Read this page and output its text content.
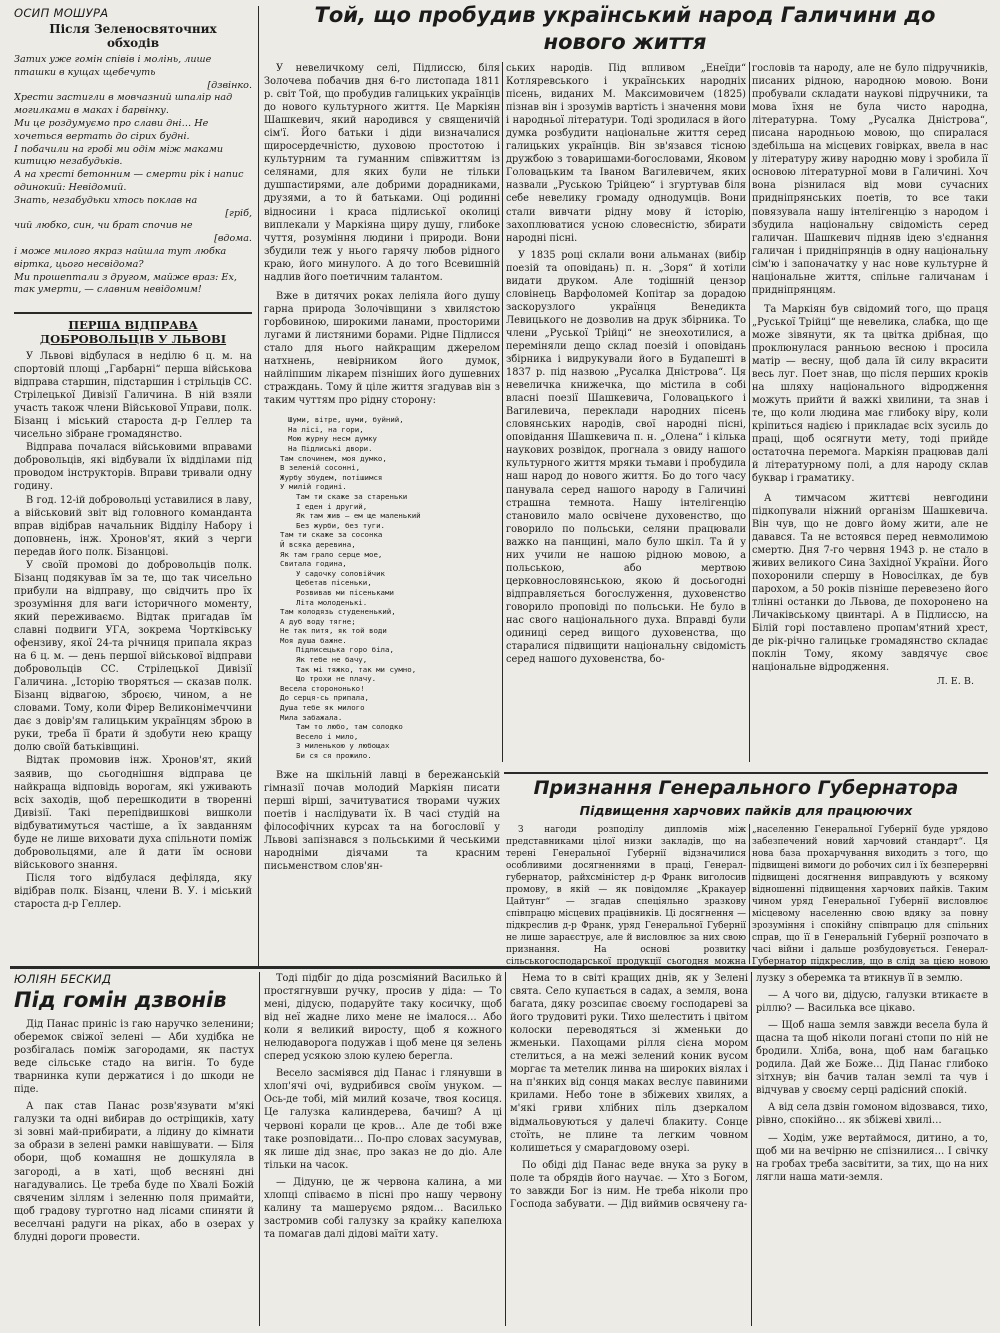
ОСИП МОШУРА
Після Зеленосвяточних обходів

Затих уже гомін співів і молінь, лише пташки в кущах щебечуть

[дзвінко.

Хрести застигли в мовчазний шпалір над могилками в маках і барвінку.

Ми це роздумуємо про слави дні… Не хочеться вертать до сірих будні.

І побачили на гробі ми одім між маками китицю незабудьків.

А на хресті бетонним — смерти рік і напис одинокий: Невідомий.

Знать, незабудьки хтось поклав на

[гріб,

чий любко, син, чи брат спочив не

[вдома.

і може милого якраз найшла тут любка віртка, цього несвідома?

Ми прошептали з другом, майже враз: Ех, так умерти, — славним невідомим!

ПЕРША ВІДПРАВА ДОБРОВОЛЬЦІВ У ЛЬВОВІ

У Львові відбулася в неділю 6 ц. м. на спортовій площі „Гарбарні“ перша військова відправа старшин, підстаршин і стрільців СС. Стрілецької Дивізії Галичина. В ній взяли участь також члени Військової Управи, полк. Бізанц і міський староста д-р Геллер та чисельно зібране громадянство.

Відправа почалася військовими вправами добровольців, які відбували їх відділами під проводом інструкторів. Вправи тривали одну годину.

В год. 12-ій добровольці уставилися в лаву, а військовий звіт від головного команданта вправ відібрав начальник Відділу Набору і доповнень, інж. Хронов'ят, який з черги передав його полк. Бізанцові.

У своїй промові до добровольців полк. Бізанц подякував їм за те, що так чисельно прибули на відправу, що свідчить про їх зрозуміння для ваги історичного моменту, який переживаємо. Відтак пригадав їм славні подвиги УГА, зокрема Чортківську офензиву, якої 24-та річниця припала якраз на 6 ц. м. — день першої військової відправи добровольців СС. Стрілецької Дивізії Галичина. „Історію творяться — сказав полк. Бізанц відвагою, зброєю, чином, а не словами. Тому, коли Фірер Великонімеччини дає з довір'ям галицьким українцям зброю в руки, треба її брати й здобути нею кращу долю своїй батьківщині.

Відтак промовив інж. Хронов'ят, який заявив, що сьогоднішня відправа це найкраща відповідь ворогам, які уживають всіх заходів, щоб перешкодити в творенні Дивізії. Такі перепідвишкові вишколи відбуватимуться частіше, а їх завданням буде не лише виховати духа спільноти поміж добровольцями, але й дати їм основи військового знання.

Після того відбулася дефіляда, яку відібрав полк. Бізанц, члени В. У. і міський староста д-р Геллер.

Той, що пробудив український народ Галичини до нового життя

У невеличкому селі, Підлиссю, біля Золочева побачив дня 6-го листопада 1811 р. світ Той, що пробудив галицьких українців до нового культурного життя. Це Маркіян Шашкевич, який народився у священичій сім'ї. Його батьки і діди визначалися щиросердечністю, духовою простотою і культурним та гуманним співжиттям із селянами, для яких були не тільки душпастирями, але добрими дорадниками, друзями, а то й батьками. Оці родинні відносини і краса підлиської околиці виплекали у Маркіяна щиру душу, глибоке чуття, розуміння людини і природи. Вони збудили теж у нього гарячу любов рідного краю, його минулого. А до того Всевишній надлив його поетичним талантом.

Вже в дитячих роках леліяла його душу гарна природа Золочівщини з хвилястою горбовиною, широкими ланами, просторими лугами й листяними борами. Рідне Підлисся стало для нього найкращим джерелом натхнень, невірником його думок, найліпшим лікарем пізніших його душевних страждань. Тому й ціле життя згадував він з таким чуттям про рідну сторону:

Шуми, вітре, шуми, буйний,

На лісі, на гори,

Мою журну несм думку

На Підлиські двори.

Там спочинем, моя думко,

В зеленій сосонні,

Журбу збудем, потішимся

У милій годині.

Там ти скаже за стареньки

І еден і другий,

Як там жив — ем ще маленький

Без журби, без туги.

Там ти скаже за сосонка

Й всяка деревина,

Як там грало серце мое,

Свитала година,

У садочку соловійчик

Щебетав пісеньки,

Розвивав ми пісеньками

Літа молоденькі.

Там колодязь студененький,

А дуб воду тягне;

Не так питя, як той води

Моя душа бажне.

Підлисецька горо біла,

Як тебе не бачу,

Так мі тяжко, так ми сумно,

Що трохи не плачу.

Весела сторононько!

До серця-сь припала,

Душа тебе як милого

Мила забажала.

Там то любо, там солодко

Весело і мило,

З миленькою у любощах

Би ся ся прожило.

Вже на шкільній лавці в бережанській гімназії почав молодий Маркіян писати перші вірші, зачитуватися творами чужих поетів і наслідувати їх. В часі студій на філософічних курсах та на богословії у Львові запізнався з польськими й чеськими народніми діячами та красним письменством слов'ян-

ських народів. Під впливом „Енеїди“ Котляревського і українських народніх пісень, виданих М. Максимовичем (1825) пізнав він і зрозумів вартість і значення мови і народньої літератури. Тоді зродилася в його думка розбудити національне життя серед галицьких українців. Він зв'язався тісною дружбою з товаришами-богословами, Яковом Головацьким та Іваном Вагилевичем, яких назвали „Руською Трійцею“ і згуртував біля себе невелику громаду однодумців. Вони стали вивчати рідну мову й історію, захоплюватися усною словесністю, збирати народні пісні.

У 1835 році склали вони альманах (вибір поезій та оповідань) п. н. „Зоря“ й хотіли видати друком. Але тодішній цензор словінець Варфоломей Копітар за дорадою заскорузлого українця Венедикта Левицького не дозволив на друк збірника. То члени „Руської Трійці“ не знеохотилися, а переміняли дещо склад поезій і оповідань збірника і видрукували його в Будапешті в 1837 р. під назвою „Русалка Дністрова“. Ця невеличка книжечка, що містила в собі власні поезії Шашкевича, Головацького і Вагилевича, переклади народних пісень словянських народів, свої народні пісні, оповідання Шашкевича п. н. „Олена“ і кілька наукових розвідок, прогнала з овиду нашого культурного життя мряки тьмави і пробудила наш народ до нового життя. Бо до того часу панувала серед нашого народу в Галичині страшна темнота. Нашу інтелігенцію становило мало освічене духовенство, що говорило по польськи, селяни працювали важко на панщині, мало було шкіл. Та й у них учили не нашою рідною мовою, а польською, або мертвою церковнословянською, якою й досьогодні відправляється богослуження, духовенство говорило проповіді по польськи. Не було в нас свого національного духа. Вправді були одиниці серед вищого духовенства, що старалися підвищити національну свідомість серед нашого духовенства, бо-

гословів та народу, але не було підручників, писаних рідною, народною мовою. Вони пробували складати наукові підручники, та мова їхня не була чисто народна, літературна. Тому „Русалка Дністрова“, писана народньою мовою, що спиралася здебільша на місцевих говірках, ввела в нас у літературу живу народню мову і зробила її основою літературної мови в Галичині. Хоч вона різнилася від мови сучасних придніпрянських поетів, то все таки повязувала нашу інтелігенцію з народом і збудила національну свідомість серед галичан. Шашкевич підняв ідею з'єднання галичан і придніпрянців в одну національну сім'ю і запоначатку у нас нове культурне й національне життя, спільне галичанам і придніпрянцям.

Та Маркіян був свідомий того, що праця „Руської Трійці“ ще невелика, слабка, що ще може зівянути, як та цвітка дрібная, що проклюнулася ранньою весною і просила матір — весну, щоб дала їй силу вкрасити весь луг. Поет знав, що після перших кроків на шляху національного відродження можуть прийти й важкі хвилини, та знав і те, що коли людина має глибоку віру, коли кріпиться надією і прикладає всіх зусиль до праці, щоб осягнути мету, тоді прийде остаточна перемога. Маркіян працював далі й літературному полі, а для народу склав буквар і граматику.

А тимчасом життєві невгодини підкопували ніжний організм Шашкевича. Він чув, що не довго йому жити, але не давався. Та не встоявся перед невмолимою смертю. Дня 7-го червня 1943 р. не стало в живих великого Сина Західної України. Його похоронили спершу в Новосілках, де був парохом, а 50 років пізніше перевезено його тлінні останки до Львова, де похоронено на Личаківському цвинтарі. А в Підлиссю, на Білій горі поставлено пропам'ятний хрест, де рік-річно галицьке громадянство складає поклін Тому, якому завдячує своє національне відродження.

Л. Е. В.
Признання Генерального Губернатора
Підвищення харчових пайків для працюючих

З нагоди розподілу дипломів між представниками цілої низки закладів, що на терені Генеральної Губернії відзначилися особливими досягненнями в праці, Генерал-губернатор, райхсміністер д-р Франк виголосив промову, в якій — як повідомляє „Кракауер Цайтунг“ — згадав спеціяльно зразкову співпрацю місцевих працівників. Ці досягнення — підкреслив д-р Франк, уряд Генеральної Губернії не лише зараєструє, але й висловлює за них свою признання. На основі розвитку сільськогосподарської продукції сьогодня можна

„населенню Генеральної Губернії буде урядово забезпечений новий харчовий стандарт“. Ця нова база прохарчування виходить з того, що підвищені вимоги до робочих сил і їх безперервні підвищені досягнення виправдують у всякому відношенні підвищення харчових пайків. Таким чином уряд Генеральної Губернії висловлює місцевому населенню свою вдяку за повну зрозуміння і спокійну співпрацю для спільних справ, що її в Генеральній Губернії розпочато в часі війни і дальше розбудовується. Генерал-Губернатор підкреслив, що в слід за цією новою

ЮЛІЯН БЕСКИД
Під гомін дзвонів

Дід Панас приніс із гаю наручко зеленини; оберемок свіжої зелені — Аби худібка не розбігалась поміж загородами, як пастух веде сільське стадо на вигін. То буде тварнинка купи держатися і до шкоди не піде.

А пак став Панас розв'язувати м'які галузки та одні вибирав до остріщиків, хату зі зовні май-прибирати, а лідину до кімнати за образи в зелені рамки навішувати. — Біля обори, щоб комашня не дошкуляла в загороді, а в хаті, щоб весняні дні нагадувались. Це треба буде по Хвалі Божій свяченим зіллям і зеленню поля примайти, щоб градову турготно над лісами спиняти й веселчані радуги на ріках, або в озерах у блудні дороги провести.

Тоді підбіг до діда розсміяний Василько й простягнувши ручку, просив у діда: — То мені, дідусю, подаруйте таку косичку, щоб від неї жадне лихо мене не імалося… Або коли я великий виросту, щоб я кожного нелюдаворога подужав і щоб мене ця зелень сперед усякою злою кулею берегла.

Весело засміявся дід Панас і глянувши в хлоп'ячі очі, вудрибився своїм унуком. — Ось-де тобі, мій милий козаче, твоя косиця. Це галузка калиндерева, бачиш? А ці червоні корали це кров… Але де тобі вже таке розповідати… По-про словах засумував, як лише дід знає, про заказ не до діо. Але тільки на часок.

— Дідуню, це ж червона калина, а ми хлопці співаємо в пісні про нашу червону калину та машеруємо рядом… Василько застромив собі галузку за крайку капелюха та помагав далі дідові маїти хату.

Нема то в світі кращих днів, як у Зелені свята. Село купається в садах, а земля, вона багата, дяку розсипає своєму господареві за його трудовиті руки. Тихо шелестить і цвітом колоски переводяться зі жменьки до жменьки. Пахощами рілля сієна мором стелиться, а на межі зелений коник вусом моргає та метелик линва на широких віялах і на п'янких від сонця маках веслує павиними крилами. Небо тоне в збіжевих хвилях, а м'які гриви хлібних піль дзеркалом відмальовуються у далечі блакиту. Сонце стоїть, не плине та легким човном колишеться у смарагдовому озері.

По обіді дід Панас веде внука за руку в поле та обрядів його научає. — Хто з Богом, то завжди Бог із ним. Не треба ніколи про Господа забувати. — Дід виймив освячену га-

лузку з оберемка та втикнув її в землю.

— А чого ви, дідусю, галузки втикаєте в ріллю? — Василька все цікаво.

— Щоб наша земля завжди весела була й щасна та щоб ніколи погані стопи по ній не бродили. Хліба, вона, щоб нам багацько родила. Дай же Боже… Дід Панас глибоко зітхнув; він бачив талан землі та чув і відчував у своєму серці радісний спокій.

А від села дзвін гомоном відозвався, тихо, рівно, спокійно… як збіжеві хвилі…

— Ходім, уже вертаймося, дитино, а то, щоб ми на вечірню не спізнилися… І свічку на гробах треба засвітити, за тих, що на них лягли наша мати-земля.
